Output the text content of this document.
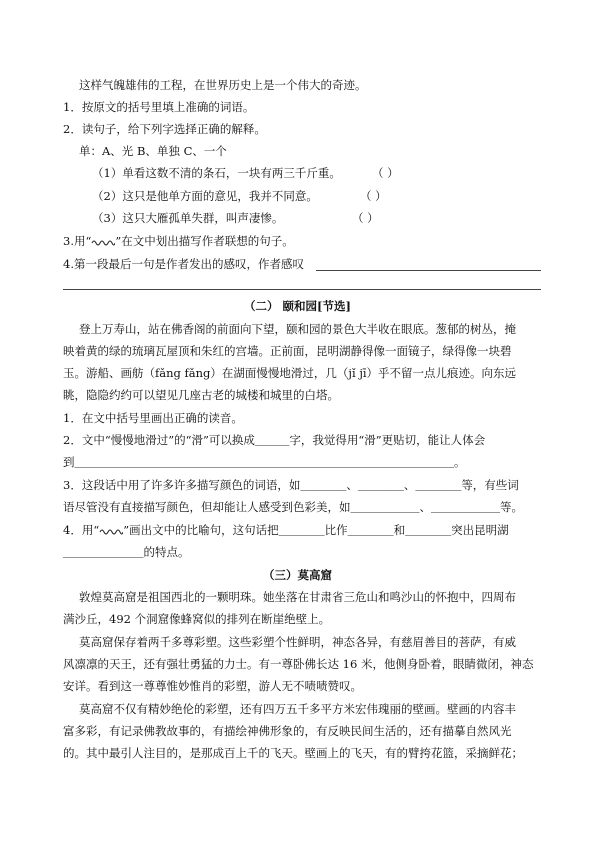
这样气魄雄伟的工程，在世界历史上是一个伟大的奇迹。
1．按原文的括号里填上准确的词语。
2．读句子，给下列字选择正确的解释。
单：A、光 B、单独 C、一个
（1）单看这数不清的条石，一块有两三千斤重。	（ ）
（2）这只是他单方面的意见，我并不同意。	（ ）
（3）这只大雁孤单失群，叫声凄惨。	（ ）
3.用“ ”在文中划出描写作者联想的句子。
4.第一段最后一句是作者发出的感叹，作者感叹
（二） 颐和园[节选]
登上万寿山，站在佛香阁的前面向下望，颐和园的景色大半收在眼底。葱郁的树丛，掩
映着黄的绿的琉璃瓦屋顶和朱红的宫墙。正前面，昆明湖静得像一面镜子，绿得像一块碧
玉。游船、画舫（fǎng fǎng）在湖面慢慢地滑过，几（jǐ jī）乎不留一点儿痕迹。向东远
眺，隐隐约约可以望见几座古老的城楼和城里的白塔。
1．在文中括号里画出正确的读音。
2．文中“慢慢地滑过”的“滑”可以换成＿＿＿字，我觉得用“滑”更贴切，能让人体会
到＿＿＿＿＿＿＿＿＿＿＿＿＿＿＿＿＿＿＿＿＿＿＿＿＿＿＿＿＿＿＿＿＿。
3．这段话中用了许多许多描写颜色的词语，如＿＿＿＿、＿＿＿＿、＿＿＿＿等，有些词
语尽管没有直接描写颜色，但却能让人感受到色彩美，如＿＿＿＿＿＿、＿＿＿＿＿＿等。
4．用“ ”画出文中的比喻句，这句话把＿＿＿＿比作＿＿＿＿和＿＿＿＿突出昆明湖
＿＿＿＿＿＿＿的特点。
（三）莫高窟
敦煌莫高窟是祖国西北的一颗明珠。她坐落在甘肃省三危山和鸣沙山的怀抱中，四周布
满沙丘，492 个洞窟像蜂窝似的排列在断崖绝壁上。
莫高窟保存着两千多尊彩塑。这些彩塑个性鲜明，神态各异，有慈眉善目的菩萨，有威
风凛凛的天王，还有强壮勇猛的力士。有一尊卧佛长达 16 米，他侧身卧着，眼睛微闭，神态
安详。看到这一尊尊惟妙惟肖的彩塑，游人无不啧啧赞叹。
莫高窟不仅有精妙绝伦的彩塑，还有四万五千多平方米宏伟瑰丽的壁画。壁画的内容丰
富多彩，有记录佛教故事的，有描绘神佛形象的，有反映民间生活的，还有描摹自然风光
的。其中最引人注目的，是那成百上千的飞天。壁画上的飞天，有的臂挎花篮，采摘鲜花；
